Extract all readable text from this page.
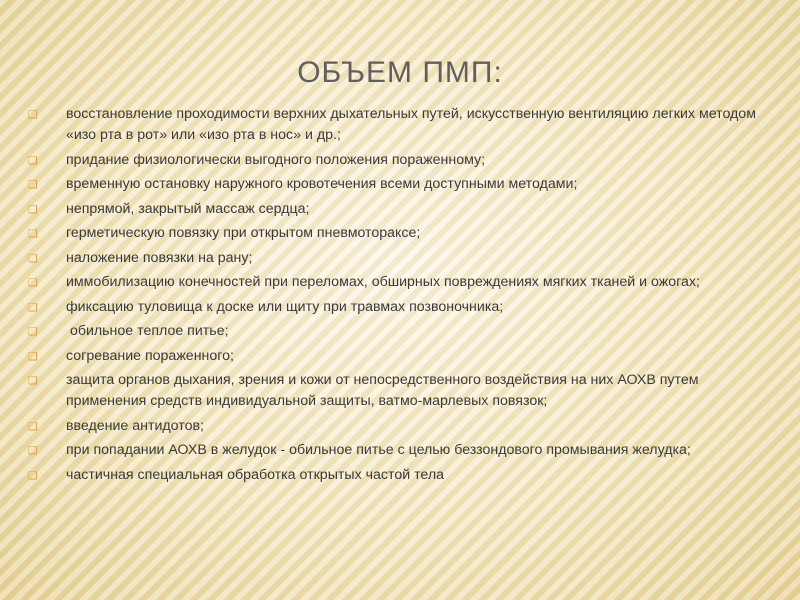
ОБЪЕМ ПМП:
❑ восстановление проходимости верхних дыхательных путей, искусственную вентиляцию легких методом «изо рта в рот» или «изо рта в нос» и др.;
❑ придание физиологически выгодного положения пораженному;
❑ временную остановку наружного кровотечения всеми доступными методами;
❑ непрямой, закрытый массаж сердца;
❑ герметическую повязку при открытом пневмотораксе;
❑ наложение повязки на рану;
❑ иммобилизацию конечностей при переломах, обширных повреждениях мягких тканей и ожогах;
❑ фиксацию туловища к доске или щиту при травмах позвоночника;
❑ обильное теплое питье;
❑ согревание пораженного;
❑ защита органов дыхания, зрения и кожи от непосредственного воздействия на них АОХВ путем применения средств индивидуальной защиты, ватмо-марлевых повязок;
❑ введение антидотов;
❑ при попадании АОХВ в желудок - обильное питье с целью беззондового промывания желудка;
❑ частичная специальная обработка открытых частой тела
